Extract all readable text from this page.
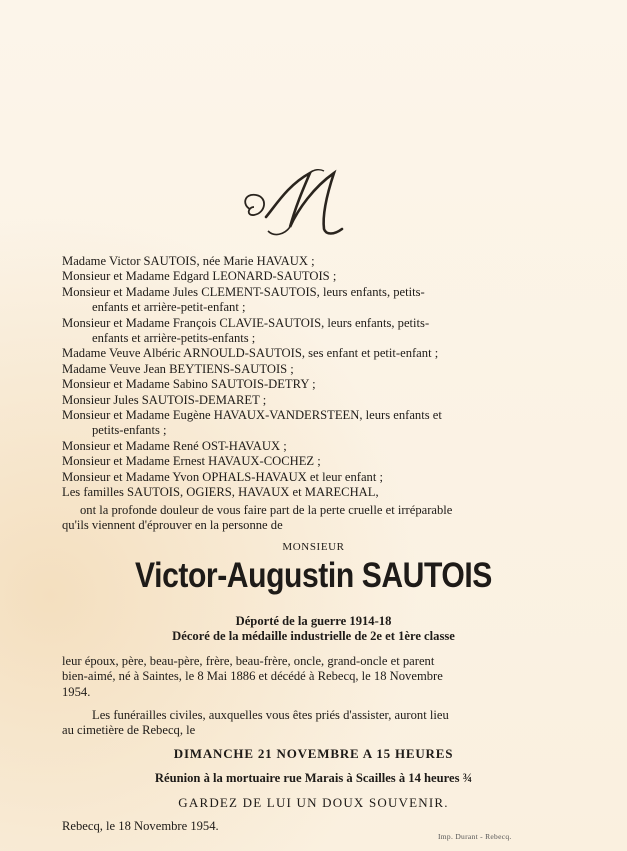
Madame Victor SAUTOIS, née Marie HAVAUX ;
Monsieur et Madame Edgard LEONARD-SAUTOIS ;
Monsieur et Madame Jules CLEMENT-SAUTOIS, leurs enfants, petits-
enfants et arrière-petit-enfant ;
Monsieur et Madame François CLAVIE-SAUTOIS, leurs enfants, petits-
enfants et arrière-petits-enfants ;
Madame Veuve Albéric ARNOULD-SAUTOIS, ses enfant et petit-enfant ;
Madame Veuve Jean BEYTIENS-SAUTOIS ;
Monsieur et Madame Sabino SAUTOIS-DETRY ;
Monsieur Jules SAUTOIS-DEMARET ;
Monsieur et Madame Eugène HAVAUX-VANDERSTEEN, leurs enfants et
petits-enfants ;
Monsieur et Madame René OST-HAVAUX ;
Monsieur et Madame Ernest HAVAUX-COCHEZ ;
Monsieur et Madame Yvon OPHALS-HAVAUX et leur enfant ;
Les familles SAUTOIS, OGIERS, HAVAUX et MARECHAL,
ont la profonde douleur de vous faire part de la perte cruelle et irréparable
qu'ils viennent d'éprouver en la personne de
MONSIEUR
Victor-Augustin SAUTOIS
Déporté de la guerre 1914-18
Décoré de la médaille industrielle de 2e et 1ère classe
leur époux, père, beau-père, frère, beau-frère, oncle, grand-oncle et parent
bien-aimé, né à Saintes, le 8 Mai 1886 et décédé à Rebecq, le 18 Novembre
1954.
Les funérailles civiles, auxquelles vous êtes priés d'assister, auront lieu
au cimetière de Rebecq, le
DIMANCHE 21 NOVEMBRE A 15 HEURES
Réunion à la mortuaire rue Marais à Scailles à 14 heures ¾
GARDEZ DE LUI UN DOUX SOUVENIR.
Rebecq, le 18 Novembre 1954.
Imp. Durant - Rebecq.
